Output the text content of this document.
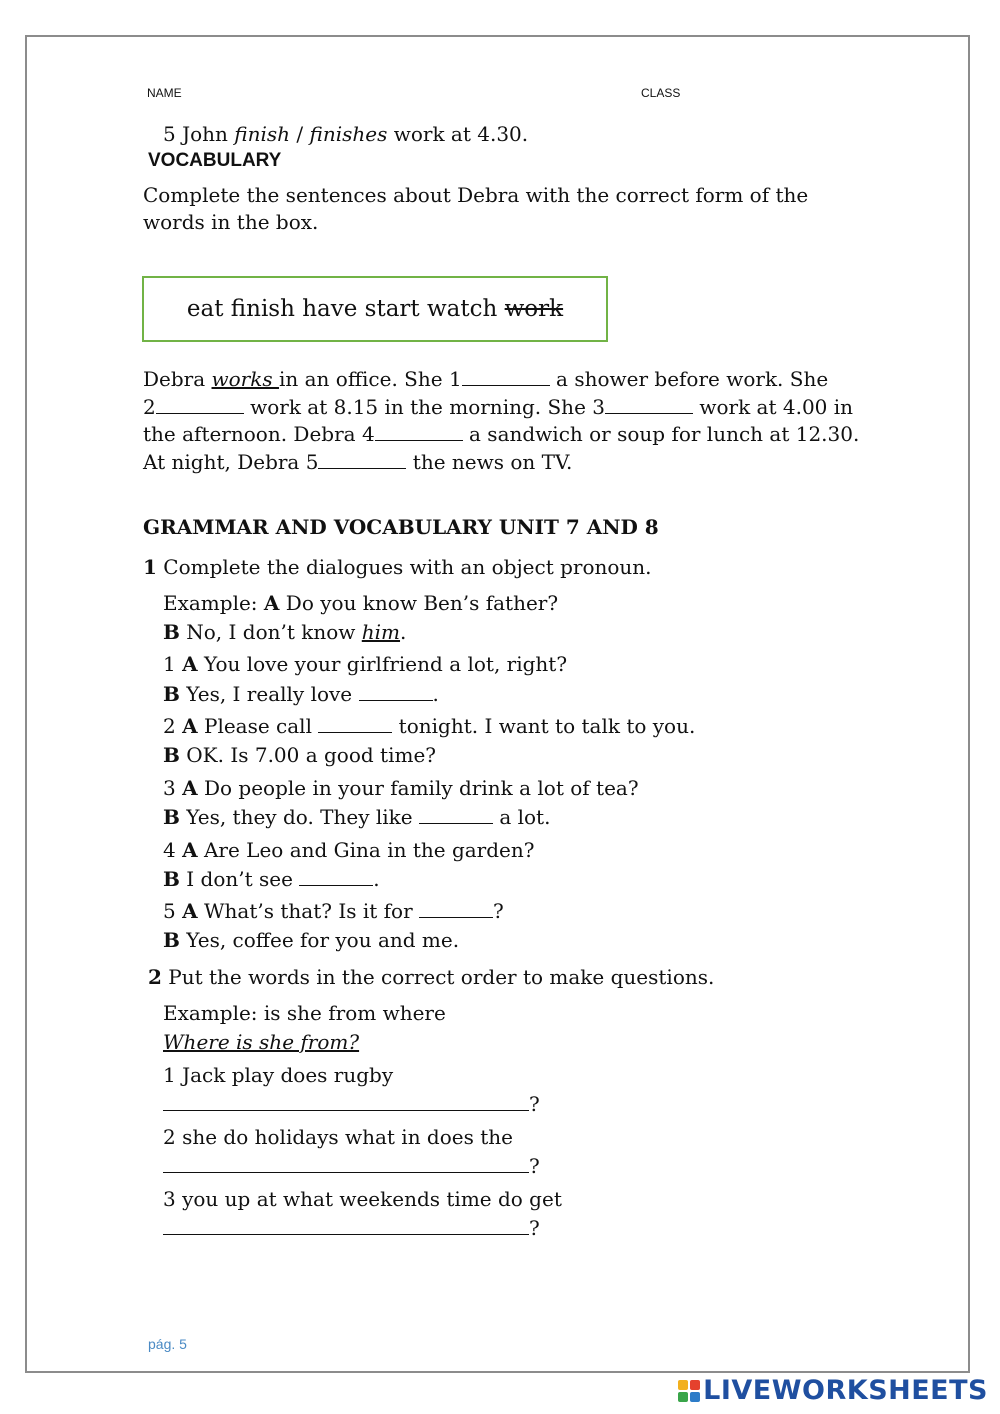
NAME	CLASS
5 John finish / finishes work at 4.30.
VOCABULARY
Complete the sentences about Debra with the correct form of the
words in the box.
eat finish have start watch work
Debra works in an office. She 1	a shower before work. She
2	work at 8.15 in the morning. She 3	work at 4.00 in
the afternoon. Debra 4	a sandwich or soup for lunch at 12.30.
At night, Debra 5	the news on TV.
GRAMMAR AND VOCABULARY UNIT 7 AND 8
1 Complete the dialogues with an object pronoun.
Example: A Do you know Ben’s father?
B No, I don’t know him.
1 A You love your girlfriend a lot, right?
B Yes, I really love	.
2 A Please call	tonight. I want to talk to you.
B OK. Is 7.00 a good time?
3 A Do people in your family drink a lot of tea?
B Yes, they do. They like	a lot.
4 A Are Leo and Gina in the garden?
B I don’t see	.
5 A What’s that? Is it for	?
B Yes, coffee for you and me.
2 Put the words in the correct order to make questions.
Example: is she from where
Where is she from?
1 Jack play does rugby
?
2 she do holidays what in does the
?
3 you up at what weekends time do get
?
pág. 5
LIVEWORKSHEETS
